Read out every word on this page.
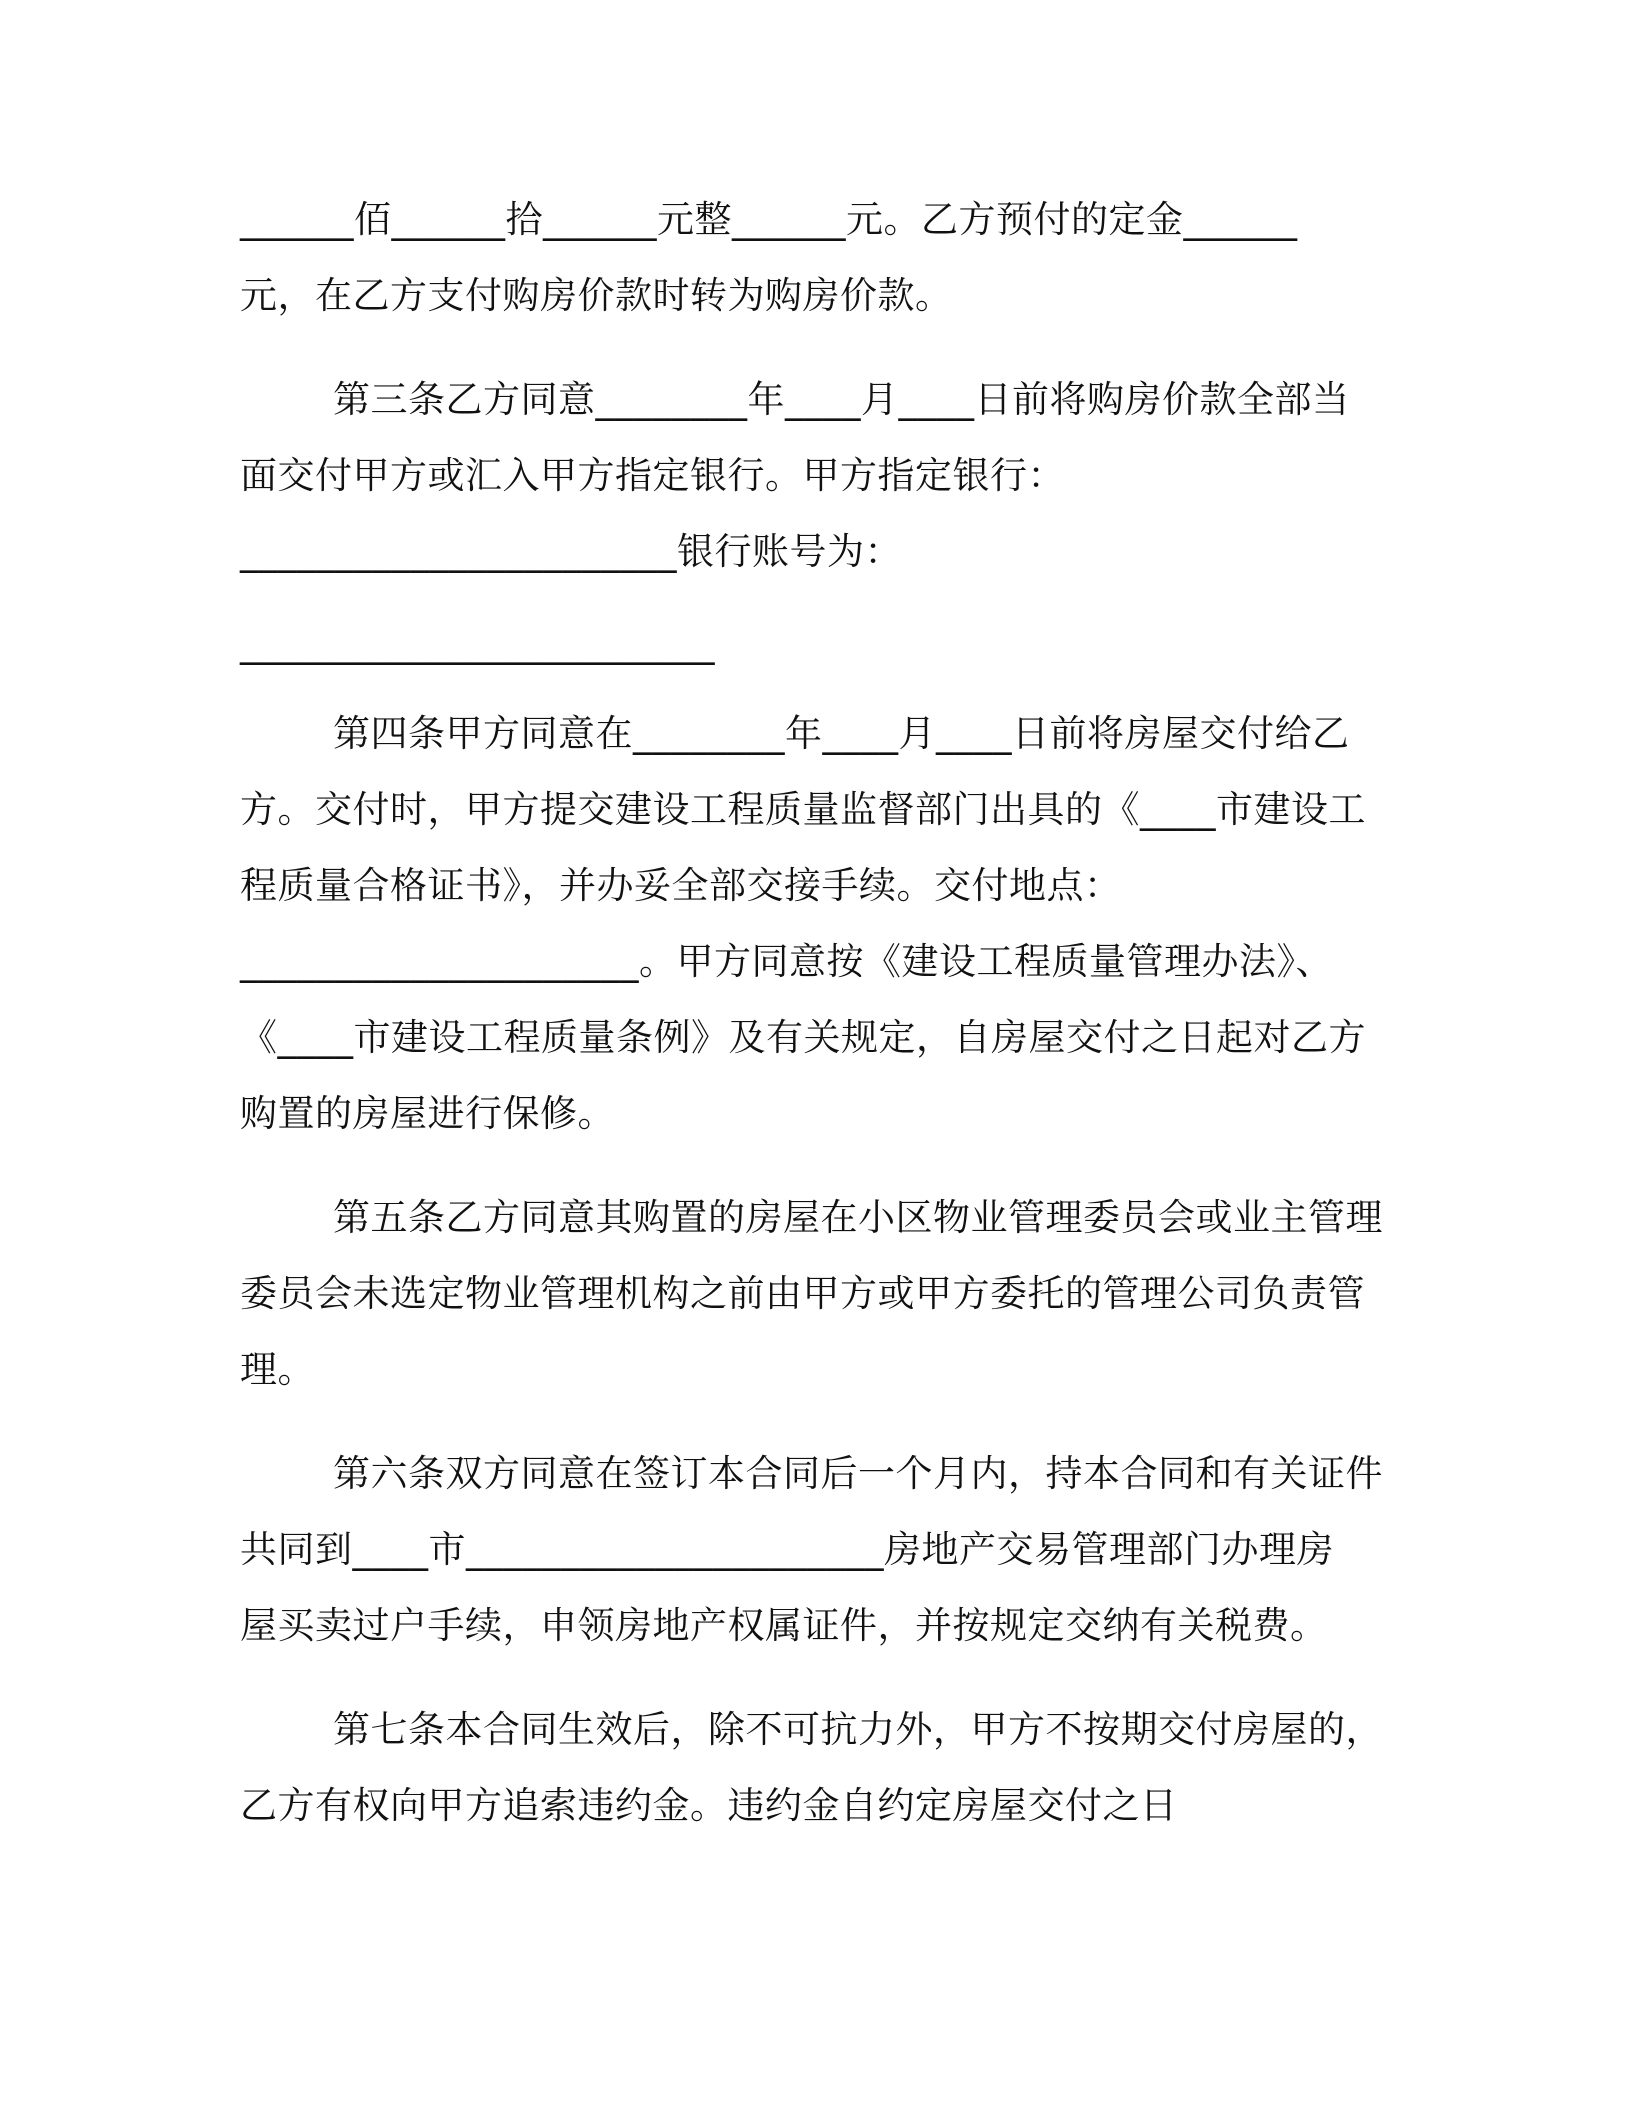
______佰______拾______元整______元。乙方预付的定金______
元，在乙方支付购房价款时转为购房价款。
第三条乙方同意________年____月____日前将购房价款全部当
面交付甲方或汇入甲方指定银行。甲方指定银行：
_______________________银行账号为：
_________________________
第四条甲方同意在________年____月____日前将房屋交付给乙
方。交付时，甲方提交建设工程质量监督部门出具的《____市建设工
程质量合格证书》，并办妥全部交接手续。交付地点：
_____________________。甲方同意按《建设工程质量管理办法》、
《____市建设工程质量条例》及有关规定，自房屋交付之日起对乙方
购置的房屋进行保修。
第五条乙方同意其购置的房屋在小区物业管理委员会或业主管理
委员会未选定物业管理机构之前由甲方或甲方委托的管理公司负责管
理。
第六条双方同意在签订本合同后一个月内，持本合同和有关证件
共同到____市______________________房地产交易管理部门办理房
屋买卖过户手续，申领房地产权属证件，并按规定交纳有关税费。
第七条本合同生效后，除不可抗力外，甲方不按期交付房屋的，
乙方有权向甲方追索违约金。违约金自约定房屋交付之日
